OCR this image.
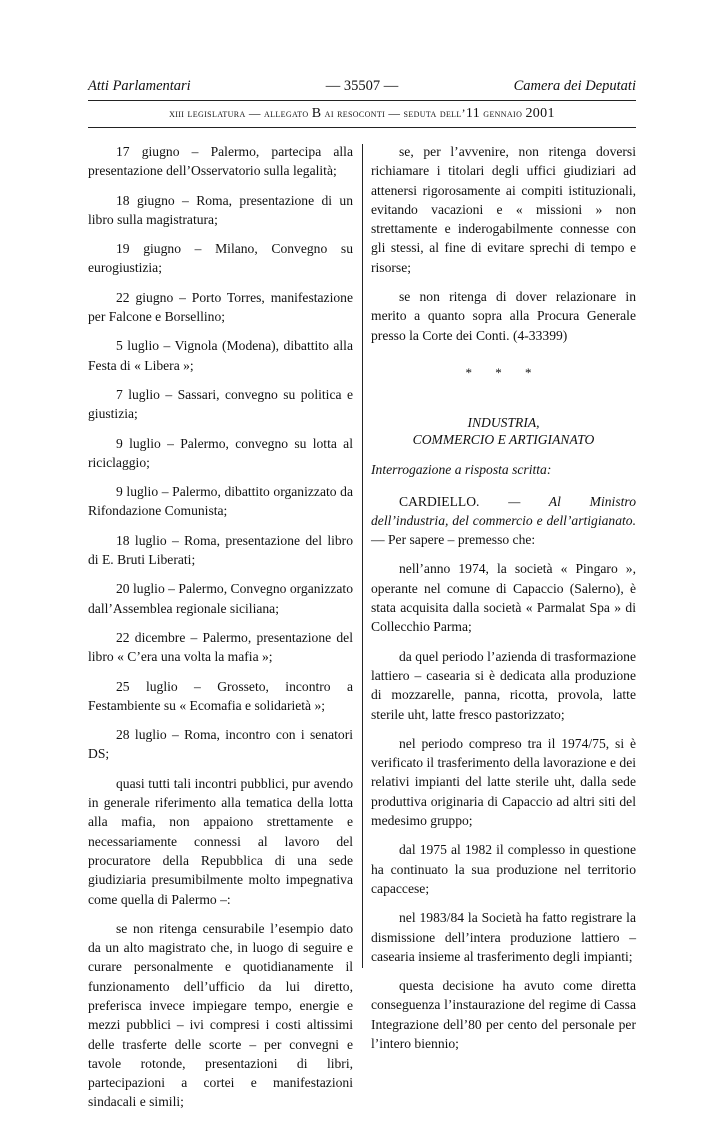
Atti Parlamentari	— 35507 —	Camera dei Deputati
xiii legislatura — allegato B ai resoconti — seduta dell’11 gennaio 2001

17 giugno – Palermo, partecipa alla presentazione dell’Osservatorio sulla legalità;

18 giugno – Roma, presentazione di un libro sulla magistratura;

19 giugno – Milano, Convegno su eurogiustizia;

22 giugno – Porto Torres, manifestazione per Falcone e Borsellino;

5 luglio – Vignola (Modena), dibattito alla Festa di « Libera »;

7 luglio – Sassari, convegno su politica e giustizia;

9 luglio – Palermo, convegno su lotta al riciclaggio;

9 luglio – Palermo, dibattito organizzato da Rifondazione Comunista;

18 luglio – Roma, presentazione del libro di E. Bruti Liberati;

20 luglio – Palermo, Convegno organizzato dall’Assemblea regionale siciliana;

22 dicembre – Palermo, presentazione del libro « C’era una volta la mafia »;

25 luglio – Grosseto, incontro a Festambiente su « Ecomafia e solidarietà »;

28 luglio – Roma, incontro con i senatori DS;

quasi tutti tali incontri pubblici, pur avendo in generale riferimento alla tematica della lotta alla mafia, non appaiono strettamente e necessariamente connessi al lavoro del procuratore della Repubblica di una sede giudiziaria presumibilmente molto impegnativa come quella di Palermo –:

se non ritenga censurabile l’esempio dato da un alto magistrato che, in luogo di seguire e curare personalmente e quotidianamente il funzionamento dell’ufficio da lui diretto, preferisca invece impiegare tempo, energie e mezzi pubblici – ivi compresi i costi altissimi delle trasferte delle scorte – per convegni e tavole rotonde, presentazioni di libri, partecipazioni a cortei e manifestazioni sindacali e simili;

se, per l’avvenire, non ritenga doversi richiamare i titolari degli uffici giudiziari ad attenersi rigorosamente ai compiti istituzionali, evitando vacazioni e « missioni » non strettamente e inderogabilmente connesse con gli stessi, al fine di evitare sprechi di tempo e risorse;

se non ritenga di dover relazionare in merito a quanto sopra alla Procura Generale presso la Corte dei Conti. (4-33399)

* * *
INDUSTRIA,
COMMERCIO E ARTIGIANATO
Interrogazione a risposta scritta:

CARDIELLO. — Al Ministro dell’industria, del commercio e dell’artigianato. — Per sapere – premesso che:

nell’anno 1974, la società « Pingaro », operante nel comune di Capaccio (Salerno), è stata acquisita dalla società « Parmalat Spa » di Collecchio Parma;

da quel periodo l’azienda di trasformazione lattiero – casearia si è dedicata alla produzione di mozzarelle, panna, ricotta, provola, latte sterile uht, latte fresco pastorizzato;

nel periodo compreso tra il 1974/75, si è verificato il trasferimento della lavorazione e dei relativi impianti del latte sterile uht, dalla sede produttiva originaria di Capaccio ad altri siti del medesimo gruppo;

dal 1975 al 1982 il complesso in questione ha continuato la sua produzione nel territorio capaccese;

nel 1983/84 la Società ha fatto registrare la dismissione dell’intera produzione lattiero – casearia insieme al trasferimento degli impianti;

questa decisione ha avuto come diretta conseguenza l’instaurazione del regime di Cassa Integrazione dell’80 per cento del personale per l’intero biennio;
